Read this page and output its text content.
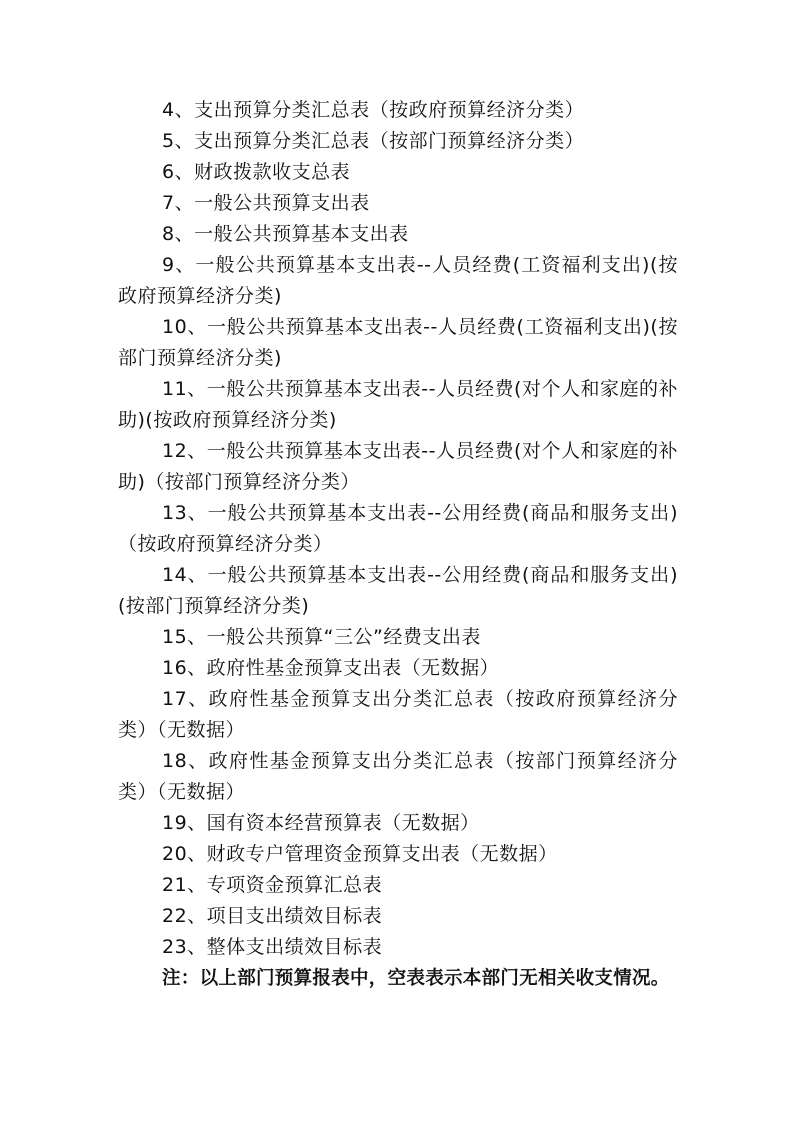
4、支出预算分类汇总表（按政府预算经济分类）

5、支出预算分类汇总表（按部门预算经济分类）

6、财政拨款收支总表

7、一般公共预算支出表

8、一般公共预算基本支出表

9、一般公共预算基本支出表--人员经费(工资福利支出)(按政府预算经济分类)

10、一般公共预算基本支出表--人员经费(工资福利支出)(按部门预算经济分类)

11、一般公共预算基本支出表--人员经费(对个人和家庭的补助)(按政府预算经济分类)

12、一般公共预算基本支出表--人员经费(对个人和家庭的补助)（按部门预算经济分类）

13、一般公共预算基本支出表--公用经费(商品和服务支出)（按政府预算经济分类）

14、一般公共预算基本支出表--公用经费(商品和服务支出)(按部门预算经济分类)

15、一般公共预算“三公”经费支出表

16、政府性基金预算支出表（无数据）

17、政府性基金预算支出分类汇总表（按政府预算经济分类）（无数据）

18、政府性基金预算支出分类汇总表（按部门预算经济分类）（无数据）

19、国有资本经营预算表（无数据）

20、财政专户管理资金预算支出表（无数据）

21、专项资金预算汇总表

22、项目支出绩效目标表

23、整体支出绩效目标表

注：以上部门预算报表中，空表表示本部门无相关收支情况。
